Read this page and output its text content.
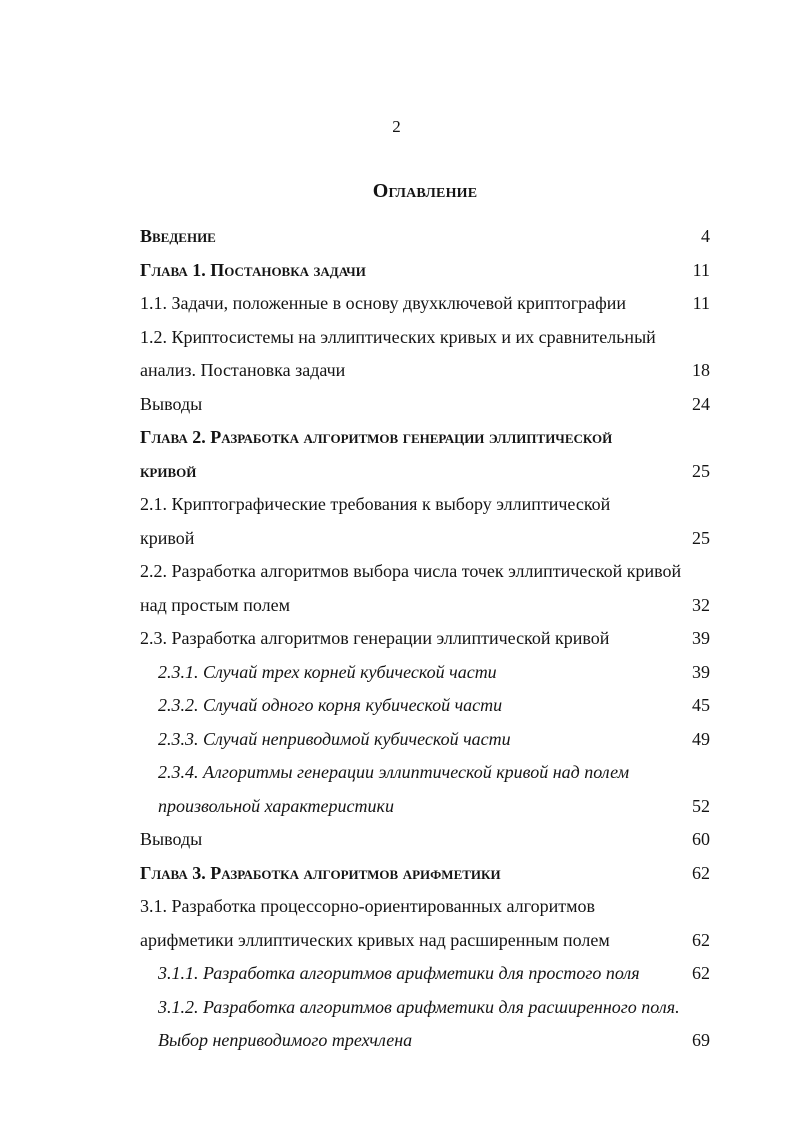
2
Оглавление
Введение	4
Глава 1. Постановка задачи	11
1.1. Задачи, положенные в основу двухключевой криптографии	11
1.2. Криптосистемы на эллиптических кривых и их сравнительный
анализ. Постановка задачи	18
Выводы	24
Глава 2. Разработка алгоритмов генерации эллиптической
кривой	25
2.1. Криптографические требования к выбору эллиптической
кривой	25
2.2. Разработка алгоритмов выбора числа точек эллиптической кривой
над простым полем	32
2.3. Разработка алгоритмов генерации эллиптической кривой	39
2.3.1. Случай трех корней кубической части	39
2.3.2. Случай одного корня кубической части	45
2.3.3. Случай неприводимой кубической части	49
2.3.4. Алгоритмы генерации эллиптической кривой над полем
произвольной характеристики	52
Выводы	60
Глава 3. Разработка алгоритмов арифметики	62
3.1. Разработка процессорно-ориентированных алгоритмов
арифметики эллиптических кривых над расширенным полем	62
3.1.1. Разработка алгоритмов арифметики для простого поля	62
3.1.2. Разработка алгоритмов арифметики для расширенного поля.
Выбор неприводимого трехчлена	69
